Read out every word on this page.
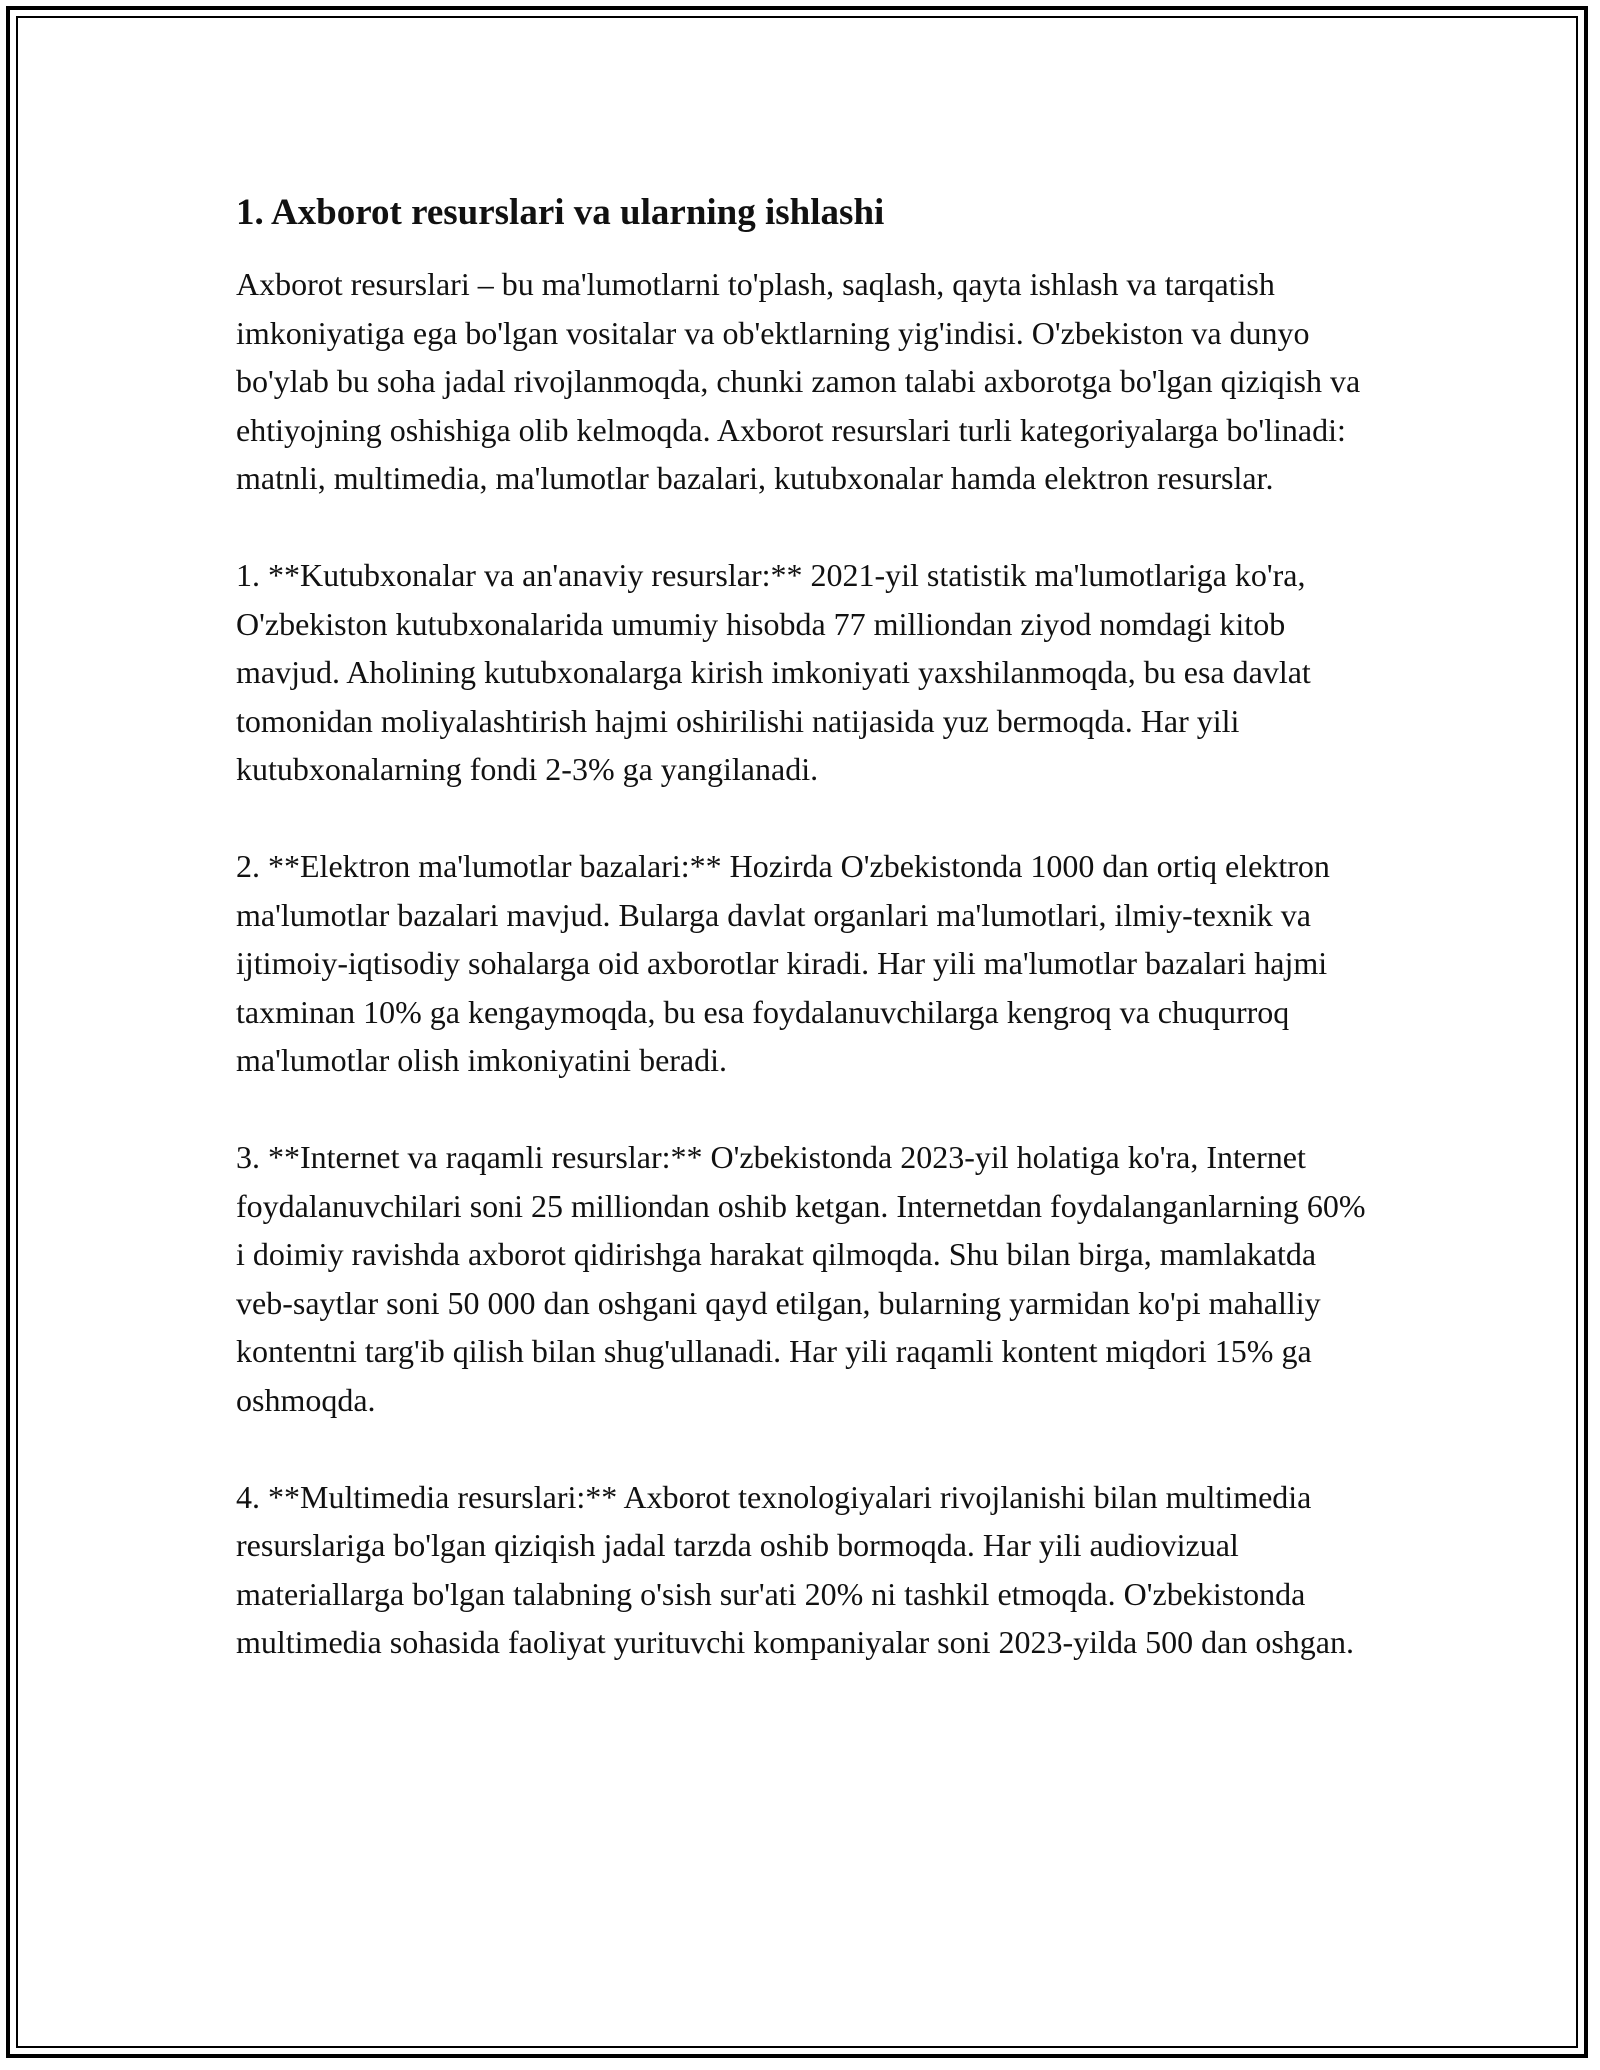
1. Axborot resurslari va ularning ishlashi

Axborot resurslari – bu ma'lumotlarni to'plash, saqlash, qayta ishlash va tarqatish imkoniyatiga ega bo'lgan vositalar va ob'ektlarning yig'indisi. O'zbekiston va dunyo bo'ylab bu soha jadal rivojlanmoqda, chunki zamon talabi axborotga bo'lgan qiziqish va ehtiyojning oshishiga olib kelmoqda. Axborot resurslari turli kategoriyalarga bo'linadi: matnli, multimedia, ma'lumotlar bazalari, kutubxonalar hamda elektron resurslar.

1. **Kutubxonalar va an'anaviy resurslar:** 2021-yil statistik ma'lumotlariga ko'ra, O'zbekiston kutubxonalarida umumiy hisobda 77 milliondan ziyod nomdagi kitob mavjud. Aholining kutubxonalarga kirish imkoniyati yaxshilanmoqda, bu esa davlat tomonidan moliyalashtirish hajmi oshirilishi natijasida yuz bermoqda. Har yili kutubxonalarning fondi 2-3% ga yangilanadi.

2. **Elektron ma'lumotlar bazalari:** Hozirda O'zbekistonda 1000 dan ortiq elektron ma'lumotlar bazalari mavjud. Bularga davlat organlari ma'lumotlari, ilmiy-texnik va ijtimoiy-iqtisodiy sohalarga oid axborotlar kiradi. Har yili ma'lumotlar bazalari hajmi taxminan 10% ga kengaymoqda, bu esa foydalanuvchilarga kengroq va chuqurroq ma'lumotlar olish imkoniyatini beradi.

3. **Internet va raqamli resurslar:** O'zbekistonda 2023-yil holatiga ko'ra, Internet foydalanuvchilari soni 25 milliondan oshib ketgan. Internetdan foydalanganlarning 60% i doimiy ravishda axborot qidirishga harakat qilmoqda. Shu bilan birga, mamlakatda veb-saytlar soni 50 000 dan oshgani qayd etilgan, bularning yarmidan ko'pi mahalliy kontentni targ'ib qilish bilan shug'ullanadi. Har yili raqamli kontent miqdori 15% ga oshmoqda.

4. **Multimedia resurslari:** Axborot texnologiyalari rivojlanishi bilan multimedia resurslariga bo'lgan qiziqish jadal tarzda oshib bormoqda. Har yili audiovizual materiallarga bo'lgan talabning o'sish sur'ati 20% ni tashkil etmoqda. O'zbekistonda multimedia sohasida faoliyat yurituvchi kompaniyalar soni 2023-yilda 500 dan oshgan.
